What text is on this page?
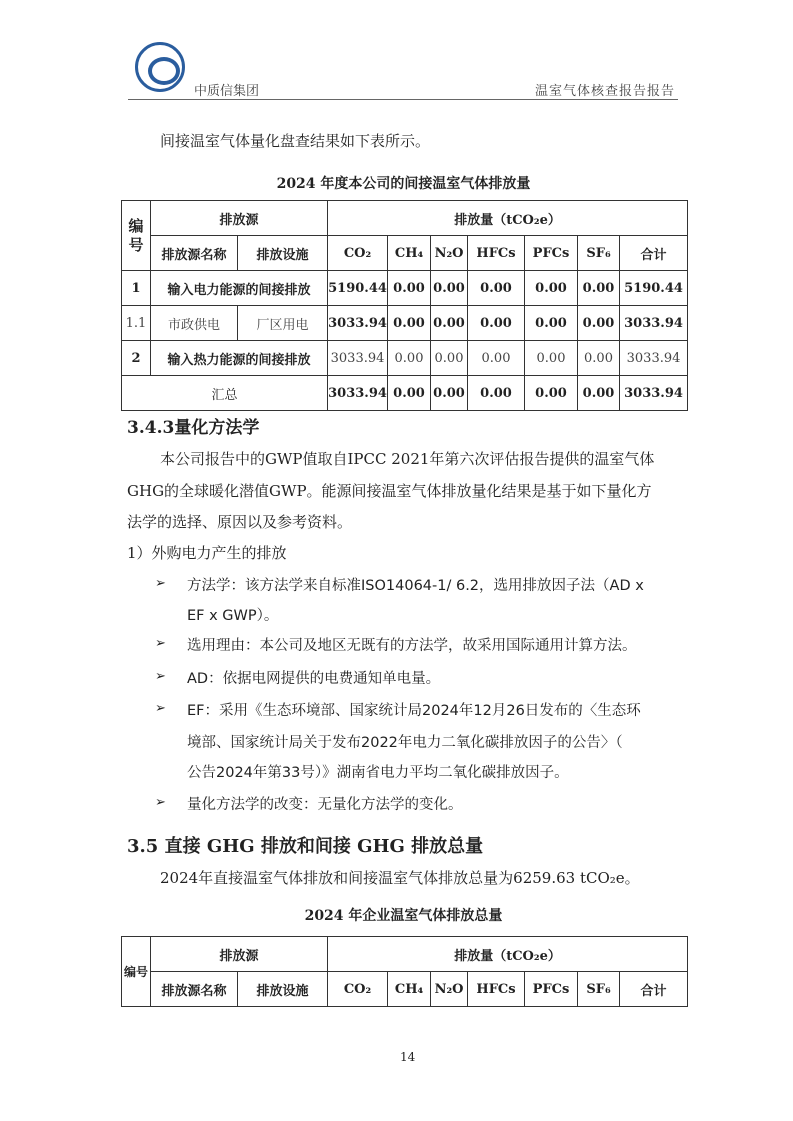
中质信集团	温室气体核查报告报告
间接温室气体量化盘查结果如下表所示。
2024 年度本公司的间接温室气体排放量
编号	排放源		排放量（tCO₂e）						
	排放源名称	排放设施	CO₂	CH₄	N₂O	HFCs	PFCs	SF₆	合计
1	输入电力能源的间接排放		5190.44	0.00	0.00	0.00	0.00	0.00	5190.44
1.1	市政供电	厂区用电	3033.94	0.00	0.00	0.00	0.00	0.00	3033.94
2	输入热力能源的间接排放		3033.94	0.00	0.00	0.00	0.00	0.00	3033.94
汇总			3033.94	0.00	0.00	0.00	0.00	0.00	3033.94
3.4.3量化方法学
本公司报告中的GWP值取自IPCC 2021年第六次评估报告提供的温室气体
GHG的全球暖化潜值GWP。能源间接温室气体排放量化结果是基于如下量化方
法学的选择、原因以及参考资料。
1）外购电力产生的排放
➢ 方法学：该方法学来自标准ISO14064-1/ 6.2，选用排放因子法（AD x
EF x GWP）。
➢ 选用理由：本公司及地区无既有的方法学，故采用国际通用计算方法。
➢ AD：依据电网提供的电费通知单电量。
➢ EF：采用《生态环境部、国家统计局2024年12月26日发布的〈生态环
境部、国家统计局关于发布2022年电力二氧化碳排放因子的公告〉（
公告2024年第33号）》湖南省电力平均二氧化碳排放因子。
➢ 量化方法学的改变：无量化方法学的变化。
3.5 直接 GHG 排放和间接 GHG 排放总量
2024年直接温室气体排放和间接温室气体排放总量为6259.63 tCO₂e。
2024 年企业温室气体排放总量
编号	排放源		排放量（tCO₂e）						
	排放源名称	排放设施	CO₂	CH₄	N₂O	HFCs	PFCs	SF₆	合计
14
